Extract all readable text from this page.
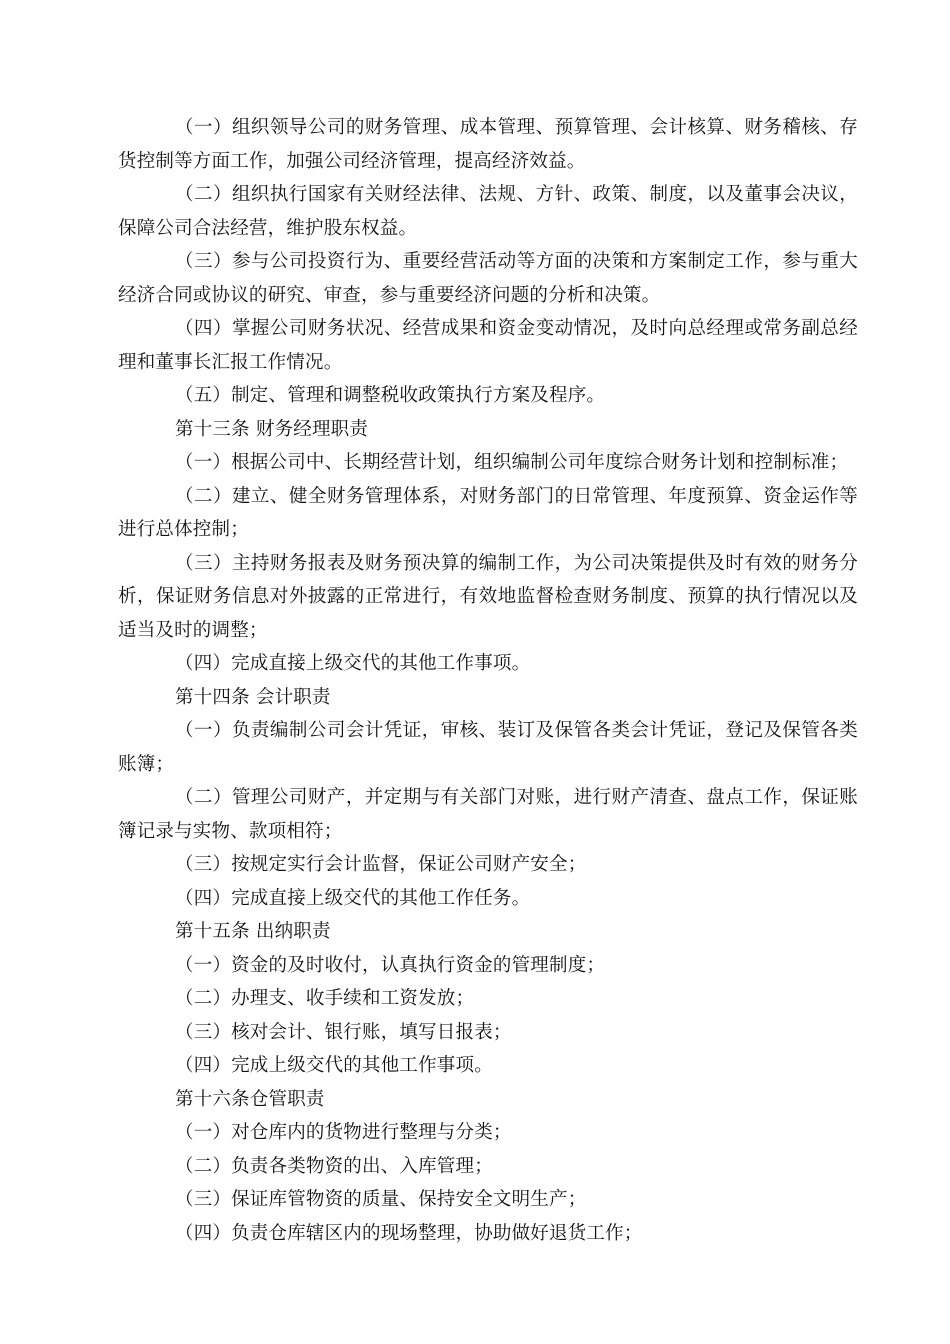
（一）组织领导公司的财务管理、成本管理、预算管理、会计核算、财务稽核、存货控制等方面工作，加强公司经济管理，提高经济效益。

（二）组织执行国家有关财经法律、法规、方针、政策、制度，以及董事会决议，保障公司合法经营，维护股东权益。

（三）参与公司投资行为、重要经营活动等方面的决策和方案制定工作，参与重大经济合同或协议的研究、审查，参与重要经济问题的分析和决策。

（四）掌握公司财务状况、经营成果和资金变动情况，及时向总经理或常务副总经理和董事长汇报工作情况。

（五）制定、管理和调整税收政策执行方案及程序。

第十三条 财务经理职责

（一）根据公司中、长期经营计划，组织编制公司年度综合财务计划和控制标准；

（二）建立、健全财务管理体系，对财务部门的日常管理、年度预算、资金运作等进行总体控制；

（三）主持财务报表及财务预决算的编制工作，为公司决策提供及时有效的财务分析，保证财务信息对外披露的正常进行，有效地监督检查财务制度、预算的执行情况以及适当及时的调整；

（四）完成直接上级交代的其他工作事项。

第十四条 会计职责

（一）负责编制公司会计凭证，审核、装订及保管各类会计凭证，登记及保管各类账簿；

（二）管理公司财产，并定期与有关部门对账，进行财产清查、盘点工作，保证账簿记录与实物、款项相符；

（三）按规定实行会计监督，保证公司财产安全；

（四）完成直接上级交代的其他工作任务。

第十五条 出纳职责

（一）资金的及时收付，认真执行资金的管理制度；

（二）办理支、收手续和工资发放；

（三）核对会计、银行账，填写日报表；

（四）完成上级交代的其他工作事项。

第十六条仓管职责

（一）对仓库内的货物进行整理与分类；

（二）负责各类物资的出、入库管理；

（三）保证库管物资的质量、保持安全文明生产；

（四）负责仓库辖区内的现场整理，协助做好退货工作；
